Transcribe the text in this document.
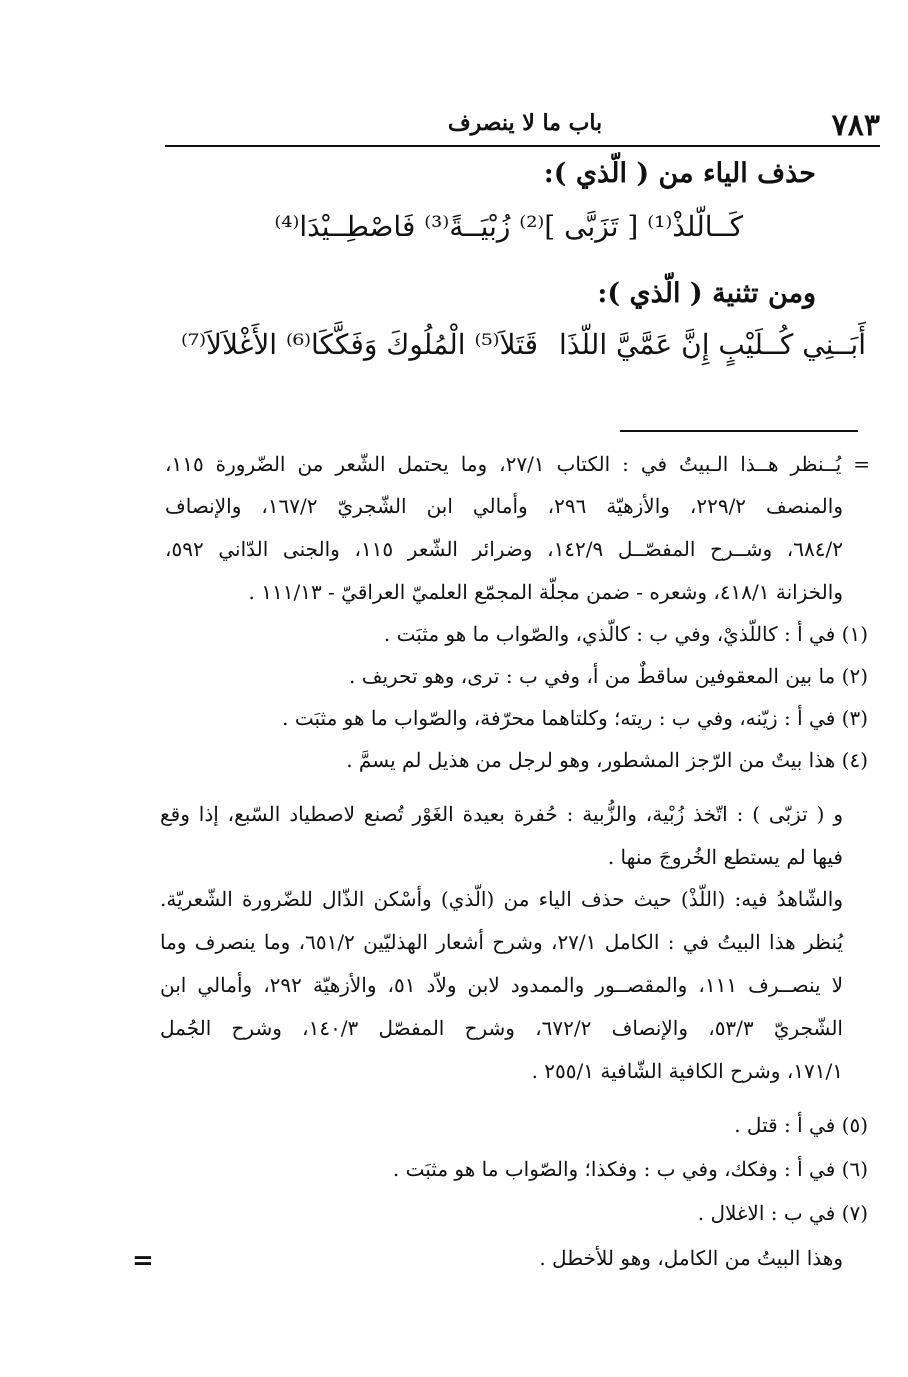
٧٨٣
باب ما لا ينصرف
حذف الياء من ( الّذي ):
كَــالّلذْ⁽¹⁾ [ تَزَبَّى ]⁽²⁾ زُبْيَــةً⁽³⁾ فَاصْطِــيْدَا⁽⁴⁾
ومن تثنية ( الّذي ):
أَبَــنِي كُــلَيْبٍ إِنَّ عَمَّيَّ اللّذَا
قَتَلاَ⁽⁵⁾ الْمُلُوكَ وَفَكَّكَا⁽⁶⁾ الأَغْلاَلاَ⁽⁷⁾
= يُــنظر هــذا الـبيتُ في : الكتاب ٢٧/١، وما يحتمل الشّعر من الضّرورة ١١٥،
والمنصف ٢٢٩/٢، والأزهيّة ٢٩٦، وأمالي ابن الشّجريّ ١٦٧/٢، والإنصاف
٦٨٤/٢، وشــرح المفصّــل ١٤٢/٩، وضرائر الشّعر ١١٥، والجنى الدّاني ٥٩٢،
والخزانة ٤١٨/١، وشعره - ضمن مجلّة المجمّع العلميّ العراقيّ - ١١١/١٣ .
(١) في أ : كاللّذيْ، وفي ب : كالّذي، والصّواب ما هو مثبَت .
(٢) ما بين المعقوفين ساقطٌ من أ، وفي ب : ترى، وهو تحريف .
(٣) في أ : زيّنه، وفي ب : ريته؛ وكلتاهما محرّفة، والصّواب ما هو مثبَت .
(٤) هذا بيتٌ من الرّجز المشطور، وهو لرجل من هذيل لم يسمَّ .
و ( تزبّى ) : اتّخذ زُبْية، والزُّبية : حُفرة بعيدة الغَوْر تُصنع لاصطياد السّبع، إذا وقع
فيها لم يستطع الخُروجَ منها .
والشّاهدُ فيه: (اللّذْ) حيث حذف الياء من (الّذي) وأسْكن الذّال للضّرورة الشّعريّة.
يُنظر هذا البيتُ في : الكامل ٢٧/١، وشرح أشعار الهذليّين ٦٥١/٢، وما ينصرف وما
لا ينصــرف ١١١، والمقصــور والممدود لابن ولاّد ٥١، والأزهيّة ٢٩٢، وأمالي ابن
الشّجريّ ٥٣/٣، والإنصاف ٦٧٢/٢، وشرح المفصّل ١٤٠/٣، وشرح الجُمل
١٧١/١، وشرح الكافية الشّافية ٢٥٥/١ .
(٥) في أ : قتل .
(٦) في أ : وفكك، وفي ب : وفكذا؛ والصّواب ما هو مثبَت .
(٧) في ب : الاغلال .
وهذا البيتُ من الكامل، وهو للأخطل .
=
